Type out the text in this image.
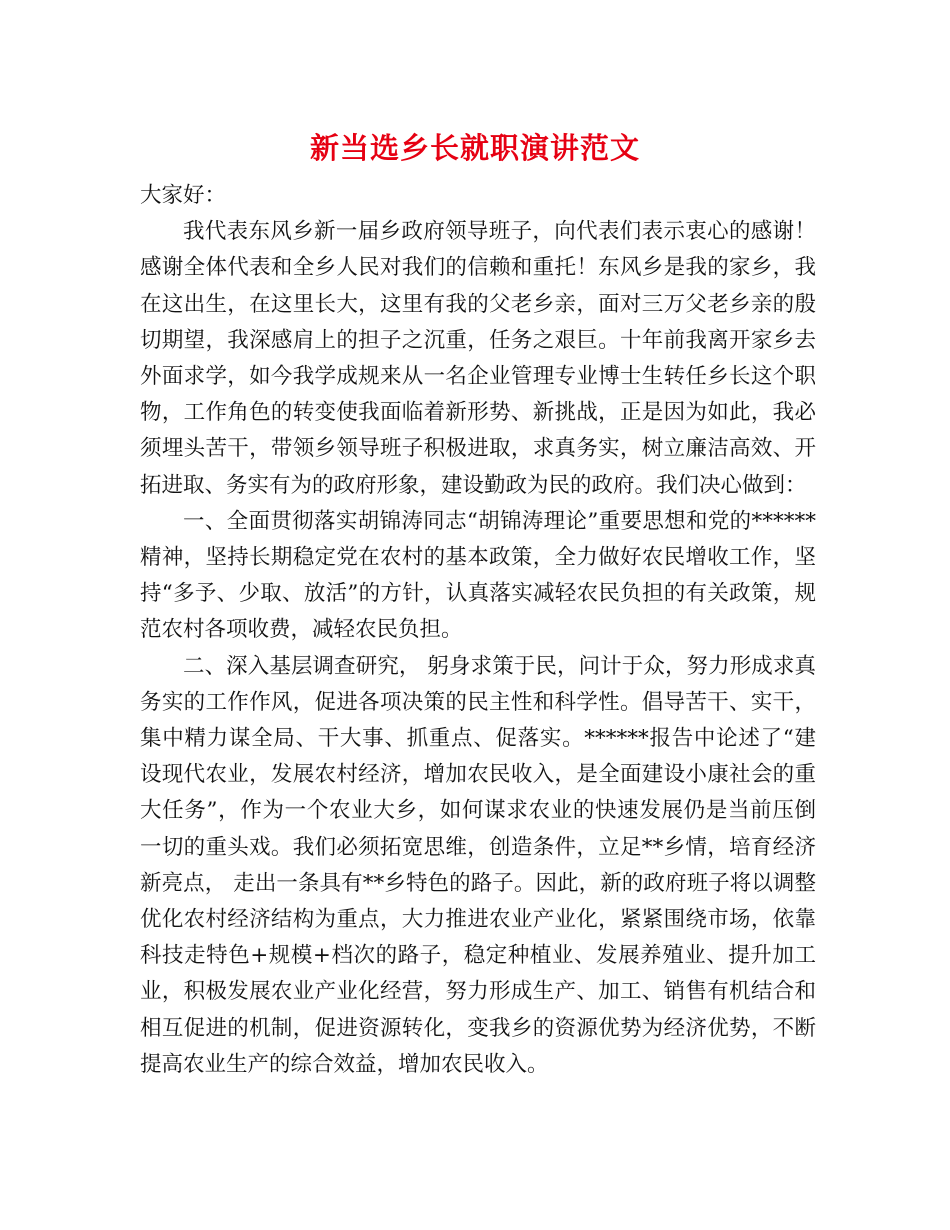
新当选乡长就职演讲范文

大家好：

我代表东风乡新一届乡政府领导班子，向代表们表示衷心的感谢！感谢全体代表和全乡人民对我们的信赖和重托！东风乡是我的家乡，我在这出生，在这里长大，这里有我的父老乡亲，面对三万父老乡亲的殷切期望，我深感肩上的担子之沉重，任务之艰巨。十年前我离开家乡去外面求学，如今我学成规来从一名企业管理专业博士生转任乡长这个职物，工作角色的转变使我面临着新形势、新挑战，正是因为如此，我必须埋头苦干，带领乡领导班子积极进取，求真务实，树立廉洁高效、开拓进取、务实有为的政府形象，建设勤政为民的政府。我们决心做到：

一、全面贯彻落实胡锦涛同志“胡锦涛理论”重要思想和党的******精神，坚持长期稳定党在农村的基本政策，全力做好农民增收工作，坚持“多予、少取、放活”的方针，认真落实减轻农民负担的有关政策，规范农村各项收费，减轻农民负担。

二、深入基层调查研究， 躬身求策于民，问计于众，努力形成求真务实的工作作风，促进各项决策的民主性和科学性。倡导苦干、实干，集中精力谋全局、干大事、抓重点、促落实。******报告中论述了“建设现代农业，发展农村经济，增加农民收入，是全面建设小康社会的重大任务”，作为一个农业大乡，如何谋求农业的快速发展仍是当前压倒一切的重头戏。我们必须拓宽思维，创造条件，立足**乡情，培育经济新亮点， 走出一条具有**乡特色的路子。因此，新的政府班子将以调整优化农村经济结构为重点，大力推进农业产业化，紧紧围绕市场，依靠科技走特色+规模+档次的路子，稳定种植业、发展养殖业、提升加工业，积极发展农业产业化经营，努力形成生产、加工、销售有机结合和相互促进的机制，促进资源转化，变我乡的资源优势为经济优势，不断提高农业生产的综合效益，增加农民收入。
